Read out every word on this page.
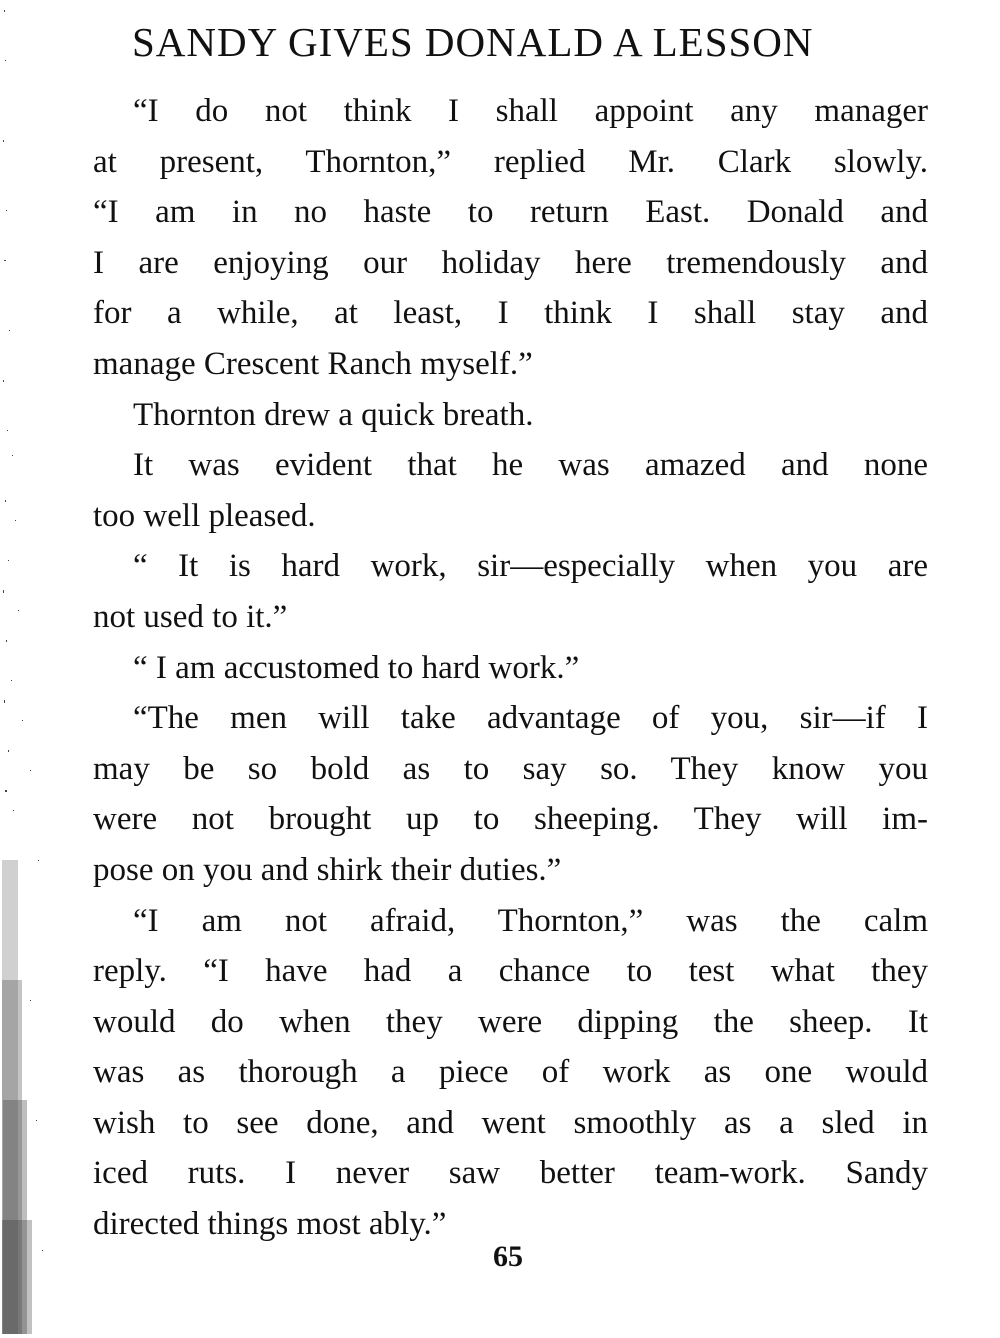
SANDY GIVES DONALD A LESSON
“I do not think I shall appoint any manager
at present, Thornton,” replied Mr. Clark slowly.
“I am in no haste to return East. Donald and
I are enjoying our holiday here tremendously and
for a while, at least, I think I shall stay and
manage Crescent Ranch myself.”
Thornton drew a quick breath.
It was evident that he was amazed and none
too well pleased.
“ It is hard work, sir—especially when you are
not used to it.”
“ I am accustomed to hard work.”
“The men will take advantage of you, sir—if I
may be so bold as to say so. They know you
were not brought up to sheeping. They will im-
pose on you and shirk their duties.”
“I am not afraid, Thornton,” was the calm
reply. “I have had a chance to test what they
would do when they were dipping the sheep. It
was as thorough a piece of work as one would
wish to see done, and went smoothly as a sled in
iced ruts. I never saw better team-work. Sandy
directed things most ably.”
65
